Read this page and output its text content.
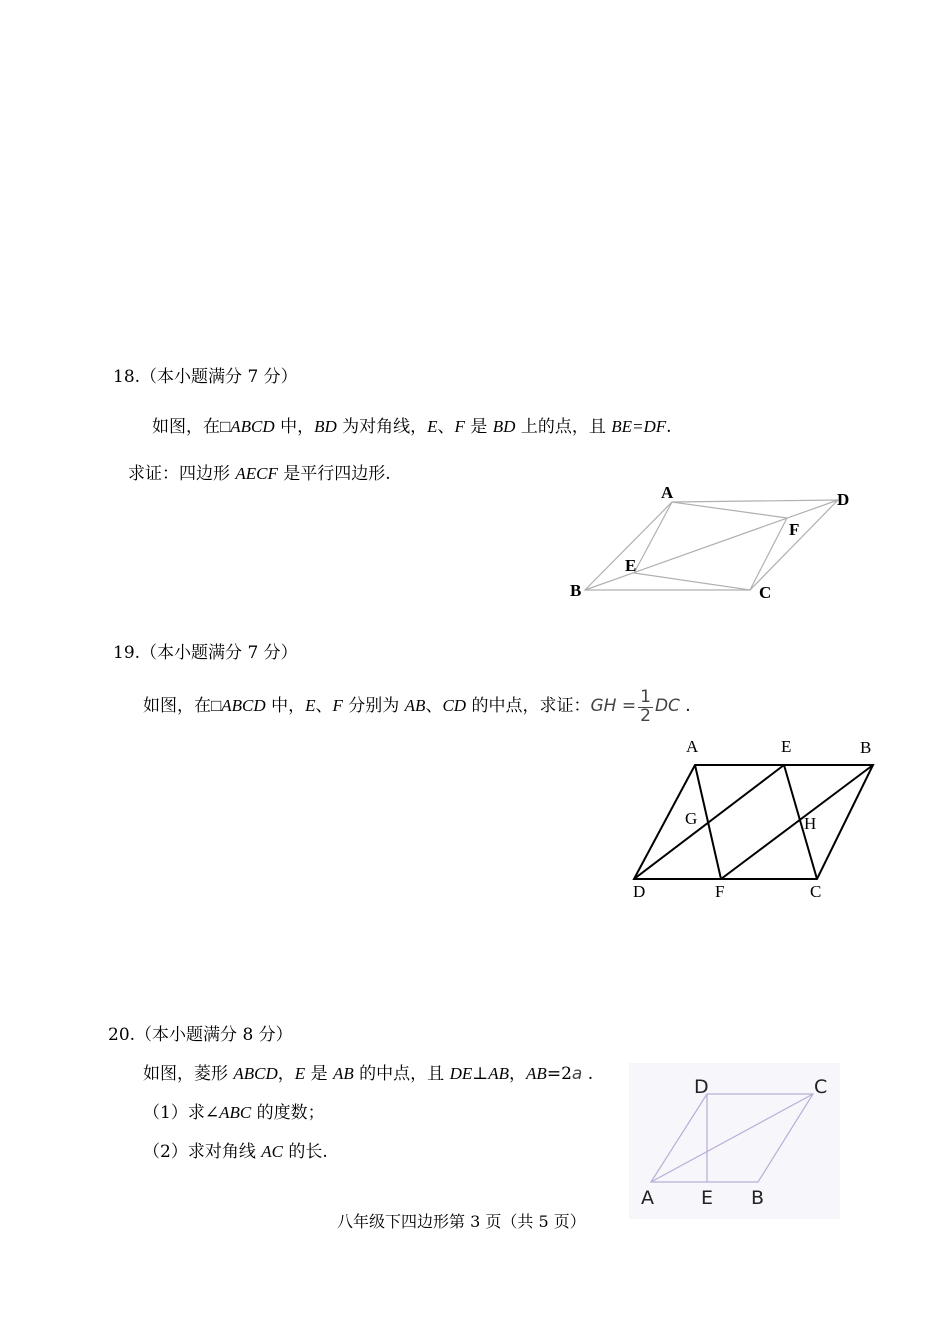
18.（本小题满分 7 分）
如图，在□ABCD 中，BD 为对角线，E、F 是 BD 上的点，且 BE=DF.
求证：四边形 AECF 是平行四边形.
A	D
F
E
B	C
19.（本小题满分 7 分）
如图，在□ABCD 中，E、F 分别为 AB、CD 的中点，求证：GH = $\frac{1}{2}$ DC .
A	E	B
G	H
D	F	C
20.（本小题满分 8 分）
如图，菱形 ABCD，E 是 AB 的中点，且 DE⊥AB，AB=2a .
（1）求∠ABC 的度数；
（2）求对角线 AC 的长.
D	C
A E B
八年级下四边形第 3 页（共 5 页）
